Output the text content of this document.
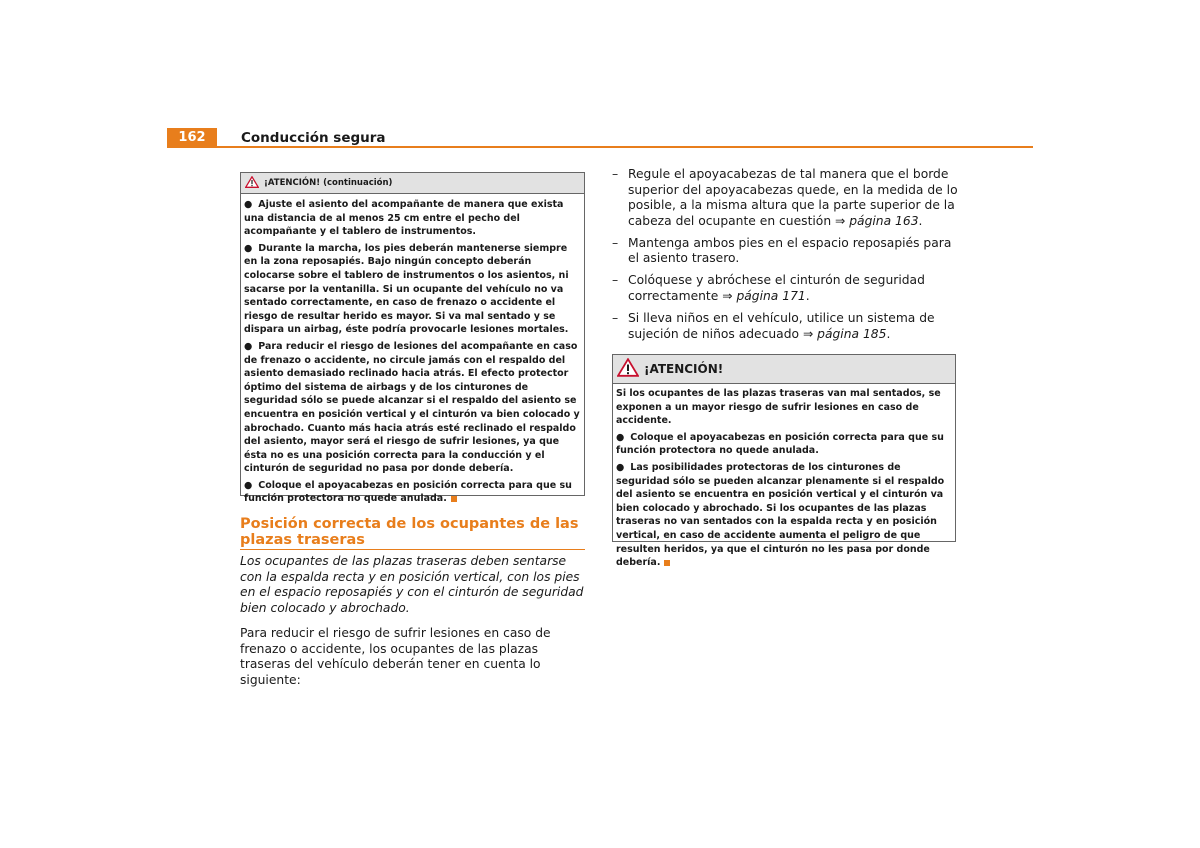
162	Conducción segura
¡ATENCIÓN! (continuación)

● Ajuste el asiento del acompañante de manera que exista una distancia de al menos 25 cm entre el pecho del acompañante y el tablero de instrumentos.

● Durante la marcha, los pies deberán mantenerse siempre en la zona reposapiés. Bajo ningún concepto deberán colocarse sobre el tablero de instrumentos o los asientos, ni sacarse por la ventanilla. Si un ocupante del vehículo no va sentado correctamente, en caso de frenazo o accidente el riesgo de resultar herido es mayor. Si va mal sentado y se dispara un airbag, éste podría provocarle lesiones mortales.

● Para reducir el riesgo de lesiones del acompañante en caso de frenazo o accidente, no circule jamás con el respaldo del asiento demasiado reclinado hacia atrás. El efecto protector óptimo del sistema de airbags y de los cinturones de seguridad sólo se puede alcanzar si el respaldo del asiento se encuentra en posición vertical y el cinturón va bien colocado y abrochado. Cuanto más hacia atrás esté reclinado el respaldo del asiento, mayor será el riesgo de sufrir lesiones, ya que ésta no es una posición correcta para la conducción y el cinturón de seguridad no pasa por donde debería.

● Coloque el apoyacabezas en posición correcta para que su función protectora no quede anulada.

Posición correcta de los ocupantes de las plazas traseras

Los ocupantes de las plazas traseras deben sentarse con la espalda recta y en posición vertical, con los pies en el espacio reposapiés y con el cinturón de seguridad bien colocado y abrochado.

Para reducir el riesgo de sufrir lesiones en caso de frenazo o accidente, los ocupantes de las plazas traseras del vehículo deberán tener en cuenta lo siguiente:

– Regule el apoyacabezas de tal manera que el borde superior del apoyacabezas quede, en la medida de lo posible, a la misma altura que la parte superior de la cabeza del ocupante en cuestión ⇒ página 163.
– Mantenga ambos pies en el espacio reposapiés para el asiento trasero.
– Colóquese y abróchese el cinturón de seguridad correctamente ⇒ página 171.
– Si lleva niños en el vehículo, utilice un sistema de sujeción de niños adecuado ⇒ página 185.
¡ATENCIÓN!

Si los ocupantes de las plazas traseras van mal sentados, se exponen a un mayor riesgo de sufrir lesiones en caso de accidente.

● Coloque el apoyacabezas en posición correcta para que su función protectora no quede anulada.

● Las posibilidades protectoras de los cinturones de seguridad sólo se pueden alcanzar plenamente si el respaldo del asiento se encuentra en posición vertical y el cinturón va bien colocado y abrochado. Si los ocupantes de las plazas traseras no van sentados con la espalda recta y en posición vertical, en caso de accidente aumenta el peligro de que resulten heridos, ya que el cinturón no les pasa por donde debería.
